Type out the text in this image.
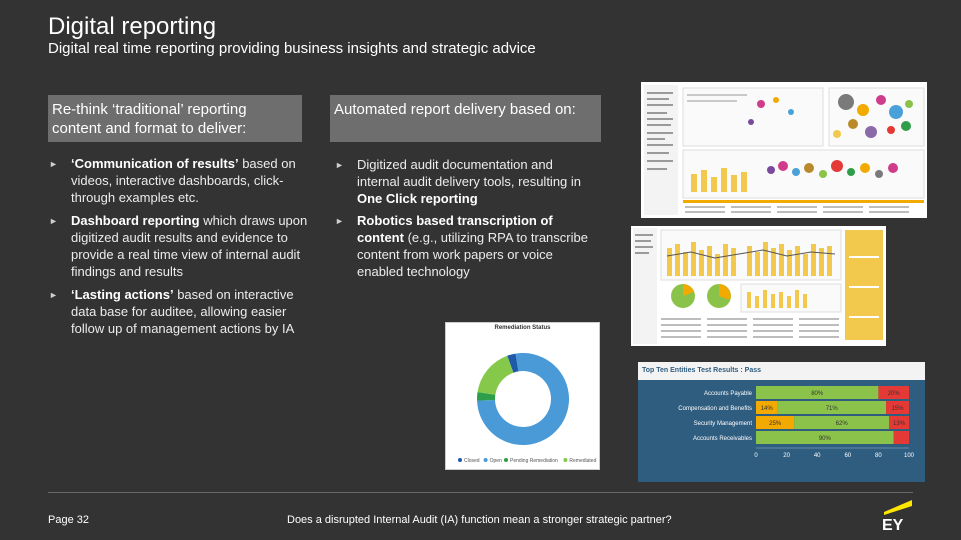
Digital reporting
Digital real time reporting providing business insights and strategic advice
Re-think ‘traditional’ reporting content and format to deliver:
► ‘Communication of results’ based on videos, interactive dashboards, click-through examples etc.
► Dashboard reporting which draws upon digitized audit results and evidence to provide a real time view of internal audit findings and results
► ‘Lasting actions’ based on interactive data base for auditee, allowing easier follow up of management actions by IA
Automated report delivery based on:
► Digitized audit documentation and internal audit delivery tools, resulting in One Click reporting
► Robotics based transcription of content (e.g., utilizing RPA to transcribe content from work papers or voice enabled technology
Remediation Status
Closed Open Pending Remediation Remediated
Top Ten Entities Test Results : Pass
Accounts Payable	80%	20%
Compensation and Benefits 14%	71%	15%
Security Management	25%	62%	13%
Accounts Receivables	90%
0	20	40	60	80	100
Page 32	Does a disrupted Internal Audit (IA) function mean a stronger strategic partner?	EY
